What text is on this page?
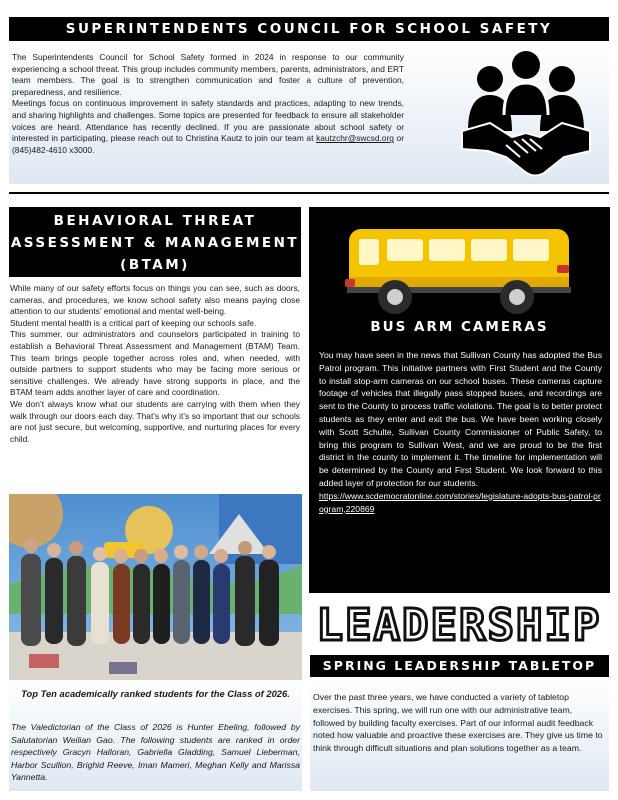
SUPERINTENDENTS COUNCIL FOR SCHOOL SAFETY

The Superintendents Council for School Safety formed in 2024 in response to our community experiencing a school threat. This group includes community members, parents, administrators, and ERT team members. The goal is to strengthen communication and foster a culture of prevention, preparedness, and resilience.

Meetings focus on continuous improvement in safety standards and practices, adapting to new trends, and sharing highlights and challenges. Some topics are presented for feedback to ensure all stakeholder voices are heard. Attendance has recently declined. If you are passionate about school safety or interested in participating, please reach out to Christina Kautz to join our team at kautzchr@swcsd.org or (845)482-4610 x3000.

BEHAVIORAL THREAT
ASSESSMENT & MANAGEMENT
(BTAM)

While many of our safety efforts focus on things you can see, such as doors, cameras, and procedures, we know school safety also means paying close attention to our students’ emotional and mental well-being.

Student mental health is a critical part of keeping our schools safe.

This summer, our administrators and counselors participated in training to establish a Behavioral Threat Assessment and Management (BTAM) Team. This team brings people together across roles and, when needed, with outside partners to support students who may be facing more serious or sensitive challenges. We already have strong supports in place, and the BTAM team adds another layer of care and coordination.

We don’t always know what our students are carrying with them when they walk through our doors each day. That’s why it’s so important that our schools are not just secure, but welcoming, supportive, and nurturing places for every child.

BUS ARM CAMERAS
You may have seen in the news that Sullivan County has adopted the Bus Patrol program. This initiative partners with First Student and the County to install stop-arm cameras on our school buses. These cameras capture footage of vehicles that illegally pass stopped buses, and recordings are sent to the County to process traffic violations. The goal is to better protect students as they enter and exit the bus. We have been working closely with Scott Schulte, Sullivan County Commissioner of Public Safety, to bring this program to Sullivan West, and we are proud to be the first district in the county to implement it. The timeline for implementation will be determined by the County and First Student. We look forward to this added layer of protection for our students.
https://www.scdemocratonline.com/stories/legislature-adopts-bus-patrol-program,220869
LEADERSHIP
SPRING LEADERSHIP TABLETOP
Over the past three years, we have conducted a variety of tabletop exercises. This spring, we will run one with our administrative team, followed by building faculty exercises. Part of our informal audit feedback noted how valuable and proactive these exercises are. They give us time to think through difficult situations and plan solutions together as a team.
Top Ten academically ranked students for the Class of 2026.
The Valedictorian of the Class of 2026 is Hunter Ebeling, followed by Salutatorian Weilian Gao. The following students are ranked in order respectively Gracyn Halloran, Gabriella Gladding, Samuel Lieberman, Harbor Scullion, Brighid Reeve, Iman Mameri, Meghan Kelly and Marissa Yannetta.
